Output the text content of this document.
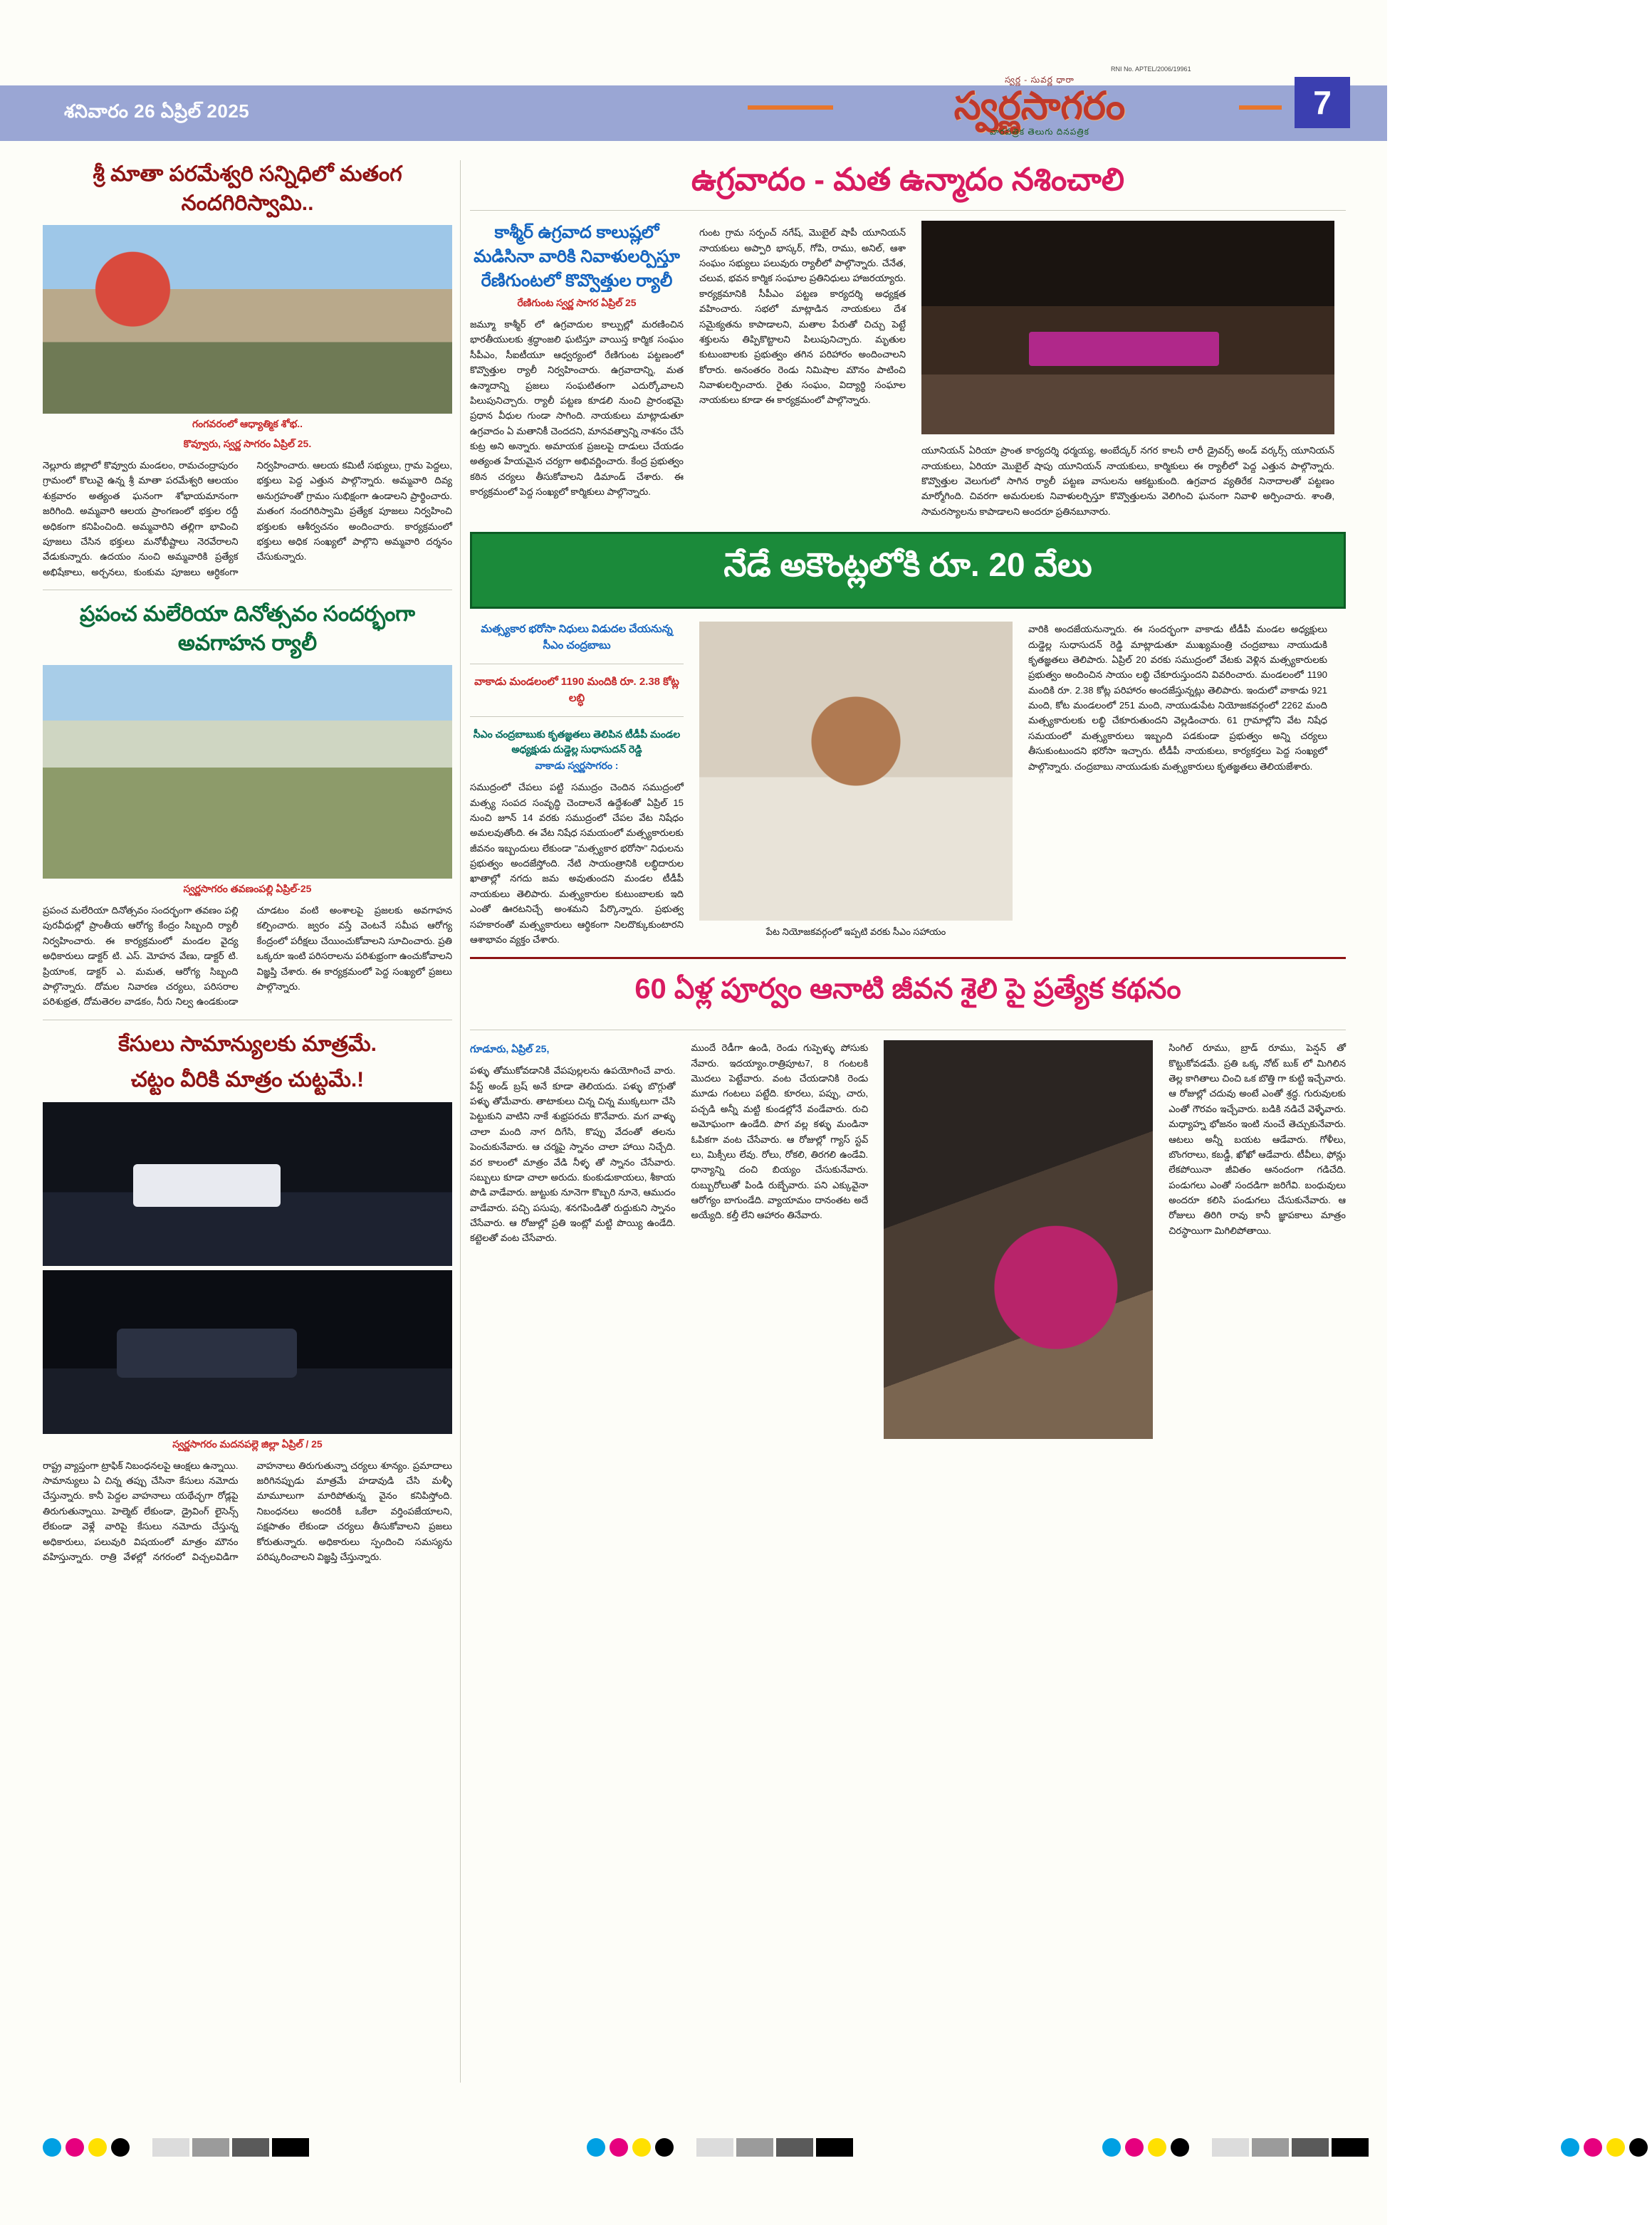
శనివారం 26 ఏప్రిల్ 2025
RNI No. APTEL/2006/19961
స్వర్ణ - సువర్ణ ధారా
స్వర్ణసాగరం
వారపత్రిక తెలుగు దినపత్రిక
7
శ్రీ మాతా పరమేశ్వరి సన్నిధిలో మతంగ నందగిరిస్వామి..
గంగవరంలో ఆధ్యాత్మిక శోభ..
కొవ్వూరు, స్వర్ణ సాగరం ఏప్రిల్ 25.

నెల్లూరు జిల్లాలో కొవ్వూరు మండలం, రామచంద్రాపురం గ్రామంలో కొలువై ఉన్న శ్రీ మాతా పరమేశ్వరి ఆలయం శుక్రవారం అత్యంత ఘనంగా శోభాయమానంగా జరిగింది. అమ్మవారి ఆలయ ప్రాంగణంలో భక్తుల రద్దీ అధికంగా కనిపించింది. అమ్మవారిని తల్లిగా భావించి పూజలు చేసిన భక్తులు మనోభీష్టాలు నెరవేరాలని వేడుకున్నారు. ఉదయం నుంచి అమ్మవారికి ప్రత్యేక అభిషేకాలు, అర్చనలు, కుంకుమ పూజలు ఆర్ధికంగా నిర్వహించారు. ఆలయ కమిటీ సభ్యులు, గ్రామ పెద్దలు, భక్తులు పెద్ద ఎత్తున పాల్గొన్నారు. అమ్మవారి దివ్య అనుగ్రహంతో గ్రామం సుభిక్షంగా ఉండాలని ప్రార్థించారు. మతంగ నందగిరిస్వామి ప్రత్యేక పూజలు నిర్వహించి భక్తులకు ఆశీర్వచనం అందించారు. కార్యక్రమంలో భక్తులు అధిక సంఖ్యలో పాల్గొని అమ్మవారి దర్శనం చేసుకున్నారు.

ప్రపంచ మలేరియా దినోత్సవం సందర్భంగా అవగాహన ర్యాలీ
స్వర్ణసాగరం తవణంపల్లి ఏప్రిల్-25

ప్రపంచ మలేరియా దినోత్సవం సందర్భంగా తవణం పల్లి పురవీధుల్లో ప్రాంతీయ ఆరోగ్య కేంద్రం సిబ్బంది ర్యాలీ నిర్వహించారు. ఈ కార్యక్రమంలో మండల వైద్య అధికారులు డాక్టర్ టి. ఎస్. మోహన వేణు, డాక్టర్ టి. ప్రియాంక, డాక్టర్ ఎ. మమత, ఆరోగ్య సిబ్బంది పాల్గొన్నారు. దోమల నివారణ చర్యలు, పరిసరాల పరిశుభ్రత, దోమతెరల వాడకం, నీరు నిల్వ ఉండకుండా చూడటం వంటి అంశాలపై ప్రజలకు అవగాహన కల్పించారు. జ్వరం వస్తే వెంటనే సమీప ఆరోగ్య కేంద్రంలో పరీక్షలు చేయించుకోవాలని సూచించారు. ప్రతి ఒక్కరూ ఇంటి పరిసరాలను పరిశుభ్రంగా ఉంచుకోవాలని విజ్ఞప్తి చేశారు. ఈ కార్యక్రమంలో పెద్ద సంఖ్యలో ప్రజలు పాల్గొన్నారు.

కేసులు సామాన్యులకు మాత్రమే.
చట్టం వీరికి మాత్రం చుట్టమే.!
స్వర్ణసాగరం మదనపల్లె జిల్లా ఏప్రిల్ / 25

రాష్ట్ర వ్యాప్తంగా ట్రాఫిక్ నిబంధనలపై ఆంక్షలు ఉన్నాయి. సామాన్యులు ఏ చిన్న తప్పు చేసినా కేసులు నమోదు చేస్తున్నారు. కానీ పెద్దల వాహనాలు యథేచ్ఛగా రోడ్లపై తిరుగుతున్నాయి. హెల్మెట్ లేకుండా, డ్రైవింగ్ లైసెన్స్ లేకుండా వెళ్లే వారిపై కేసులు నమోదు చేస్తున్న అధికారులు, పలువురి విషయంలో మాత్రం మౌనం వహిస్తున్నారు. రాత్రి వేళల్లో నగరంలో విచ్చలవిడిగా వాహనాలు తిరుగుతున్నా చర్యలు శూన్యం. ప్రమాదాలు జరిగినప్పుడు మాత్రమే హడావుడి చేసి మళ్ళీ మామూలుగా మారిపోతున్న వైనం కనిపిస్తోంది. నిబంధనలు అందరికీ ఒకేలా వర్తింపజేయాలని, పక్షపాతం లేకుండా చర్యలు తీసుకోవాలని ప్రజలు కోరుతున్నారు. అధికారులు స్పందించి సమస్యను పరిష్కరించాలని విజ్ఞప్తి చేస్తున్నారు.

ఉగ్రవాదం - మత ఉన్మాదం నశించాలి
కాశ్మీర్ ఉగ్రవాద కాలుష్లలో మడిసినా వారికి నివాళులర్పిస్తూ రేణిగుంటలో కొవ్వొత్తుల ర్యాలీ
రేణిగుంట స్వర్ణ సాగర ఏప్రిల్ 25
జమ్మూ కాశ్మీర్ లో ఉగ్రవాదుల కాల్పుల్లో మరణించిన భారతీయులకు శ్రద్ధాంజలి ఘటిస్తూ వాయిస్త కార్మిక సంఘం సీపీఎం, సీఐటీయూ ఆధ్వర్యంలో రేణిగుంట పట్టణంలో కొవ్వొత్తుల ర్యాలీ నిర్వహించారు. ఉగ్రవాదాన్ని, మత ఉన్మాదాన్ని ప్రజలు సంఘటితంగా ఎదుర్కోవాలని పిలుపునిచ్చారు. ర్యాలీ పట్టణ కూడలి నుంచి ప్రారంభమై ప్రధాన వీధుల గుండా సాగింది. నాయకులు మాట్లాడుతూ ఉగ్రవాదం ఏ మతానికీ చెందదని, మానవత్వాన్ని నాశనం చేసే కుట్ర అని అన్నారు. అమాయక ప్రజలపై దాడులు చేయడం అత్యంత హేయమైన చర్యగా అభివర్ణించారు. కేంద్ర ప్రభుత్వం కఠిన చర్యలు తీసుకోవాలని డిమాండ్ చేశారు. ఈ కార్యక్రమంలో పెద్ద సంఖ్యలో కార్మికులు పాల్గొన్నారు.
గుంట గ్రామ సర్పంచ్ నగేష్, మొబైల్ షాపీ యూనియన్ నాయకులు అప్పారి భాస్కర్, గోపి, రాము, అనిల్, ఆశా సంఘం సభ్యులు పలువురు ర్యాలీలో పాల్గొన్నారు. చేనేత, చలువ, భవన కార్మిక సంఘాల ప్రతినిధులు హాజరయ్యారు. కార్యక్రమానికి సీపీఎం పట్టణ కార్యదర్శి అధ్యక్షత వహించారు. సభలో మాట్లాడిన నాయకులు దేశ సమైక్యతను కాపాడాలని, మతాల పేరుతో చిచ్చు పెట్టే శక్తులను తిప్పికొట్టాలని పిలుపునిచ్చారు. మృతుల కుటుంబాలకు ప్రభుత్వం తగిన పరిహారం అందించాలని కోరారు. అనంతరం రెండు నిమిషాల మౌనం పాటించి నివాళులర్పించారు. రైతు సంఘం, విద్యార్థి సంఘాల నాయకులు కూడా ఈ కార్యక్రమంలో పాల్గొన్నారు.
యూనియన్ ఏరియా ప్రాంత కార్యదర్శి ధర్మయ్య, అంబేద్కర్ నగర కాలనీ లారీ డ్రైవర్స్ అండ్ వర్కర్స్ యూనియన్ నాయకులు, ఏరియా మొబైల్ షాపు యూనియన్ నాయకులు, కార్మికులు ఈ ర్యాలీలో పెద్ద ఎత్తున పాల్గొన్నారు. కొవ్వొత్తుల వెలుగులో సాగిన ర్యాలీ పట్టణ వాసులను ఆకట్టుకుంది. ఉగ్రవాద వ్యతిరేక నినాదాలతో పట్టణం మార్మోగింది. చివరగా అమరులకు నివాళులర్పిస్తూ కొవ్వొత్తులను వెలిగించి ఘనంగా నివాళి అర్పించారు. శాంతి, సామరస్యాలను కాపాడాలని అందరూ ప్రతినబూనారు.
నేడే అకౌంట్లలోకి రూ. 20 వేలు
మత్స్యకార భరోసా నిధులు విడుదల చేయనున్న సీఎం చంద్రబాబు
వాకాడు మండలంలో 1190 మందికి రూ. 2.38 కోట్ల లబ్ధి
సీఎం చంద్రబాబుకు కృతజ్ఞతలు తెలిపిన టీడీపీ మండల అధ్యక్షుడు దుడ్డెల్ల సుధాసుదన్ రెడ్డి
వాకాడు స్వర్ణసాగరం :
సముద్రంలో చేపలు పట్టి సముద్రం చెందిన సముద్రంలో మత్స్య సంపద సంవృద్ధి చెందాలనే ఉద్దేశంతో ఏప్రిల్ 15 నుంచి జూన్ 14 వరకు సముద్రంలో చేపల వేట నిషేధం అమలవుతోంది. ఈ వేట నిషేధ సమయంలో మత్స్యకారులకు జీవనం ఇబ్బందులు లేకుండా "మత్స్యకార భరోసా" నిధులను ప్రభుత్వం అందజేస్తోంది. నేటి సాయంత్రానికి లబ్ధిదారుల ఖాతాల్లో నగదు జమ అవుతుందని మండల టీడీపీ నాయకులు తెలిపారు. మత్స్యకారుల కుటుంబాలకు ఇది ఎంతో ఊరటనిచ్చే అంశమని పేర్కొన్నారు. ప్రభుత్వ సహకారంతో మత్స్యకారులు ఆర్థికంగా నిలదొక్కుకుంటారని ఆశాభావం వ్యక్తం చేశారు.
పేట నియోజకవర్గంలో ఇప్పటి వరకు సీఎం సహాయం
వారికి అందజేయనున్నారు. ఈ సందర్భంగా వాకాడు టీడీపీ మండల అధ్యక్షులు దుడ్డెల్ల సుధాసుదన్ రెడ్డి మాట్లాడుతూ ముఖ్యమంత్రి చంద్రబాబు నాయుడుకి కృతజ్ఞతలు తెలిపారు. ఏప్రిల్ 20 వరకు సముద్రంలో వేటకు వెళ్లిన మత్స్యకారులకు ప్రభుత్వం అందించిన సాయం లబ్ధి చేకూరుస్తుందని వివరించారు. మండలంలో 1190 మందికి రూ. 2.38 కోట్ల పరిహారం అందజేస్తున్నట్లు తెలిపారు. ఇందులో వాకాడు 921 మంది, కోట మండలంలో 251 మంది, నాయుడుపేట నియోజకవర్గంలో 2262 మంది మత్స్యకారులకు లబ్ధి చేకూరుతుందని వెల్లడించారు. 61 గ్రామాల్లోని వేట నిషేధ సమయంలో మత్స్యకారులు ఇబ్బంది పడకుండా ప్రభుత్వం అన్ని చర్యలు తీసుకుంటుందని భరోసా ఇచ్చారు. టీడీపీ నాయకులు, కార్యకర్తలు పెద్ద సంఖ్యలో పాల్గొన్నారు. చంద్రబాబు నాయుడుకు మత్స్యకారులు కృతజ్ఞతలు తెలియజేశారు.
60 ఏళ్ల పూర్వం ఆనాటి జీవన శైలి పై ప్రత్యేక కథనం
గూడూరు, ఏప్రిల్ 25,
పళ్ళు తోముకోవడానికి వేపపుల్లలను ఉపయోగించే వారు. పేస్ట్ అండ్ బ్రష్ అనే కూడా తెలియదు. పళ్ళు బొగ్గుతో పళ్ళు తోమేవారు. తాటాకులు చిన్న చిన్న ముక్కలుగా చేసి పెట్టుకుని వాటిని నాకే శుభ్రపరచు కొనేవారు. మగ వాళ్ళు చాలా మంది నాగ దిగేసి, కొప్పు వేదంతో తలను పెంచుకునేవారు. ఆ చర్మపై స్నానం చాలా హాయి నిచ్చేది. వర కాలంలో మాత్రం వేడి నీళ్ళ తో స్నానం చేసేవారు. సబ్బులు కూడా చాలా అరుదు. కుంకుడుకాయలు, శీకాయ పొడి వాడేవారు. జుట్టుకు నూనెగా కొబ్బరి నూనె, ఆముదం వాడేవారు. పచ్చి పసుపు, శనగపిండితో రుద్దుకుని స్నానం చేసేవారు. ఆ రోజుల్లో ప్రతి ఇంట్లో మట్టి పొయ్యి ఉండేది. కట్టెలతో వంట చేసేవారు.
ముందే రెడీగా ఉండి, రెండు గుప్పెళ్ళు పోసుకు నేవారు. ఇదయ్యాం.రాత్రిపూట7, 8 గంటలకి మొదలు పెట్టేవారు. వంట చేయడానికి రెండు మూడు గంటలు పట్టేది. కూరలు, పప్పు, చారు, పచ్చడి అన్నీ మట్టి కుండల్లోనే వండేవారు. రుచి అమోఘంగా ఉండేది. పొగ వల్ల కళ్ళు మండినా ఓపికగా వంట చేసేవారు. ఆ రోజుల్లో గ్యాస్ స్టవ్ లు, మిక్సీలు లేవు. రోలు, రోకలి, తిరగలి ఉండేవి. ధాన్యాన్ని దంచి బియ్యం చేసుకునేవారు. రుబ్బురోలుతో పిండి రుబ్బేవారు. పని ఎక్కువైనా ఆరోగ్యం బాగుండేది. వ్యాయామం దానంతట అదే అయ్యేది. కల్తీ లేని ఆహారం తినేవారు.
సింగిల్ రూము, బ్రాడ్ రూము, పెన్షన్ తో కొట్టుకోవడమే. ప్రతి ఒక్క నోట్ బుక్ లో మిగిలిన తెల్ల కాగితాలు చించి ఒక బొత్తి గా కుట్టి ఇచ్చేవారు. ఆ రోజుల్లో చదువు అంటే ఎంతో శ్రద్ధ. గురువులకు ఎంతో గౌరవం ఇచ్చేవారు. బడికి నడిచే వెళ్ళేవారు. మధ్యాహ్న భోజనం ఇంటి నుంచే తెచ్చుకునేవారు. ఆటలు అన్నీ బయట ఆడేవారు. గోళీలు, బొంగరాలు, కబడ్డీ, ఖోఖో ఆడేవారు. టీవీలు, ఫోన్లు లేకపోయినా జీవితం ఆనందంగా గడిచేది. పండుగలు ఎంతో సందడిగా జరిగేవి. బంధువులు అందరూ కలిసి పండుగలు చేసుకునేవారు. ఆ రోజులు తిరిగి రావు కానీ జ్ఞాపకాలు మాత్రం చిరస్థాయిగా మిగిలిపోతాయి.
